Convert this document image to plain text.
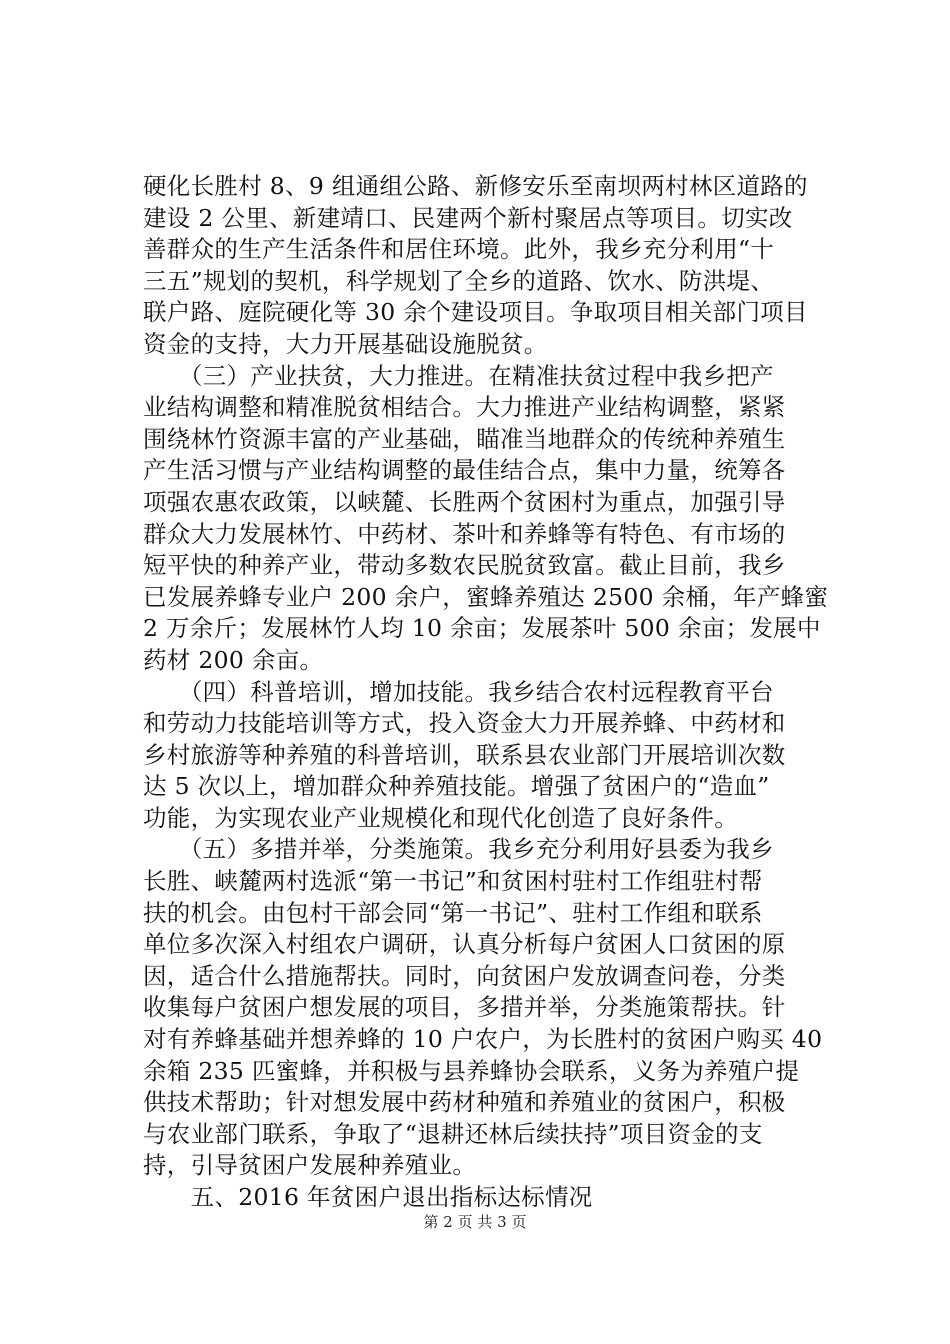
硬化长胜村 8、9 组通组公路、新修安乐至南坝两村林区道路的
建设 2 公里、新建靖口、民建两个新村聚居点等项目。切实改
善群众的生产生活条件和居住环境。此外，我乡充分利用“十
三五”规划的契机，科学规划了全乡的道路、饮水、防洪堤、
联户路、庭院硬化等 30 余个建设项目。争取项目相关部门项目
资金的支持，大力开展基础设施脱贫。
　　（三）产业扶贫，大力推进。在精准扶贫过程中我乡把产
业结构调整和精准脱贫相结合。大力推进产业结构调整，紧紧
围绕林竹资源丰富的产业基础，瞄准当地群众的传统种养殖生
产生活习惯与产业结构调整的最佳结合点，集中力量，统筹各
项强农惠农政策，以峡麓、长胜两个贫困村为重点，加强引导
群众大力发展林竹、中药材、茶叶和养蜂等有特色、有市场的
短平快的种养产业，带动多数农民脱贫致富。截止目前，我乡
已发展养蜂专业户 200 余户，蜜蜂养殖达 2500 余桶，年产蜂蜜
2 万余斤；发展林竹人均 10 余亩；发展茶叶 500 余亩；发展中
药材 200 余亩。
　　（四）科普培训，增加技能。我乡结合农村远程教育平台
和劳动力技能培训等方式，投入资金大力开展养蜂、中药材和
乡村旅游等种养殖的科普培训，联系县农业部门开展培训次数
达 5 次以上，增加群众种养殖技能。增强了贫困户的“造血”
功能，为实现农业产业规模化和现代化创造了良好条件。
　　（五）多措并举，分类施策。我乡充分利用好县委为我乡
长胜、峡麓两村选派“第一书记”和贫困村驻村工作组驻村帮
扶的机会。由包村干部会同“第一书记”、驻村工作组和联系
单位多次深入村组农户调研，认真分析每户贫困人口贫困的原
因，适合什么措施帮扶。同时，向贫困户发放调查问卷，分类
收集每户贫困户想发展的项目，多措并举，分类施策帮扶。针
对有养蜂基础并想养蜂的 10 户农户，为长胜村的贫困户购买 40
余箱 235 匹蜜蜂，并积极与县养蜂协会联系，义务为养殖户提
供技术帮助；针对想发展中药材种殖和养殖业的贫困户，积极
与农业部门联系，争取了“退耕还林后续扶持”项目资金的支
持，引导贫困户发展种养殖业。
　　五、2016 年贫困户退出指标达标情况
第 2 页 共 3 页
